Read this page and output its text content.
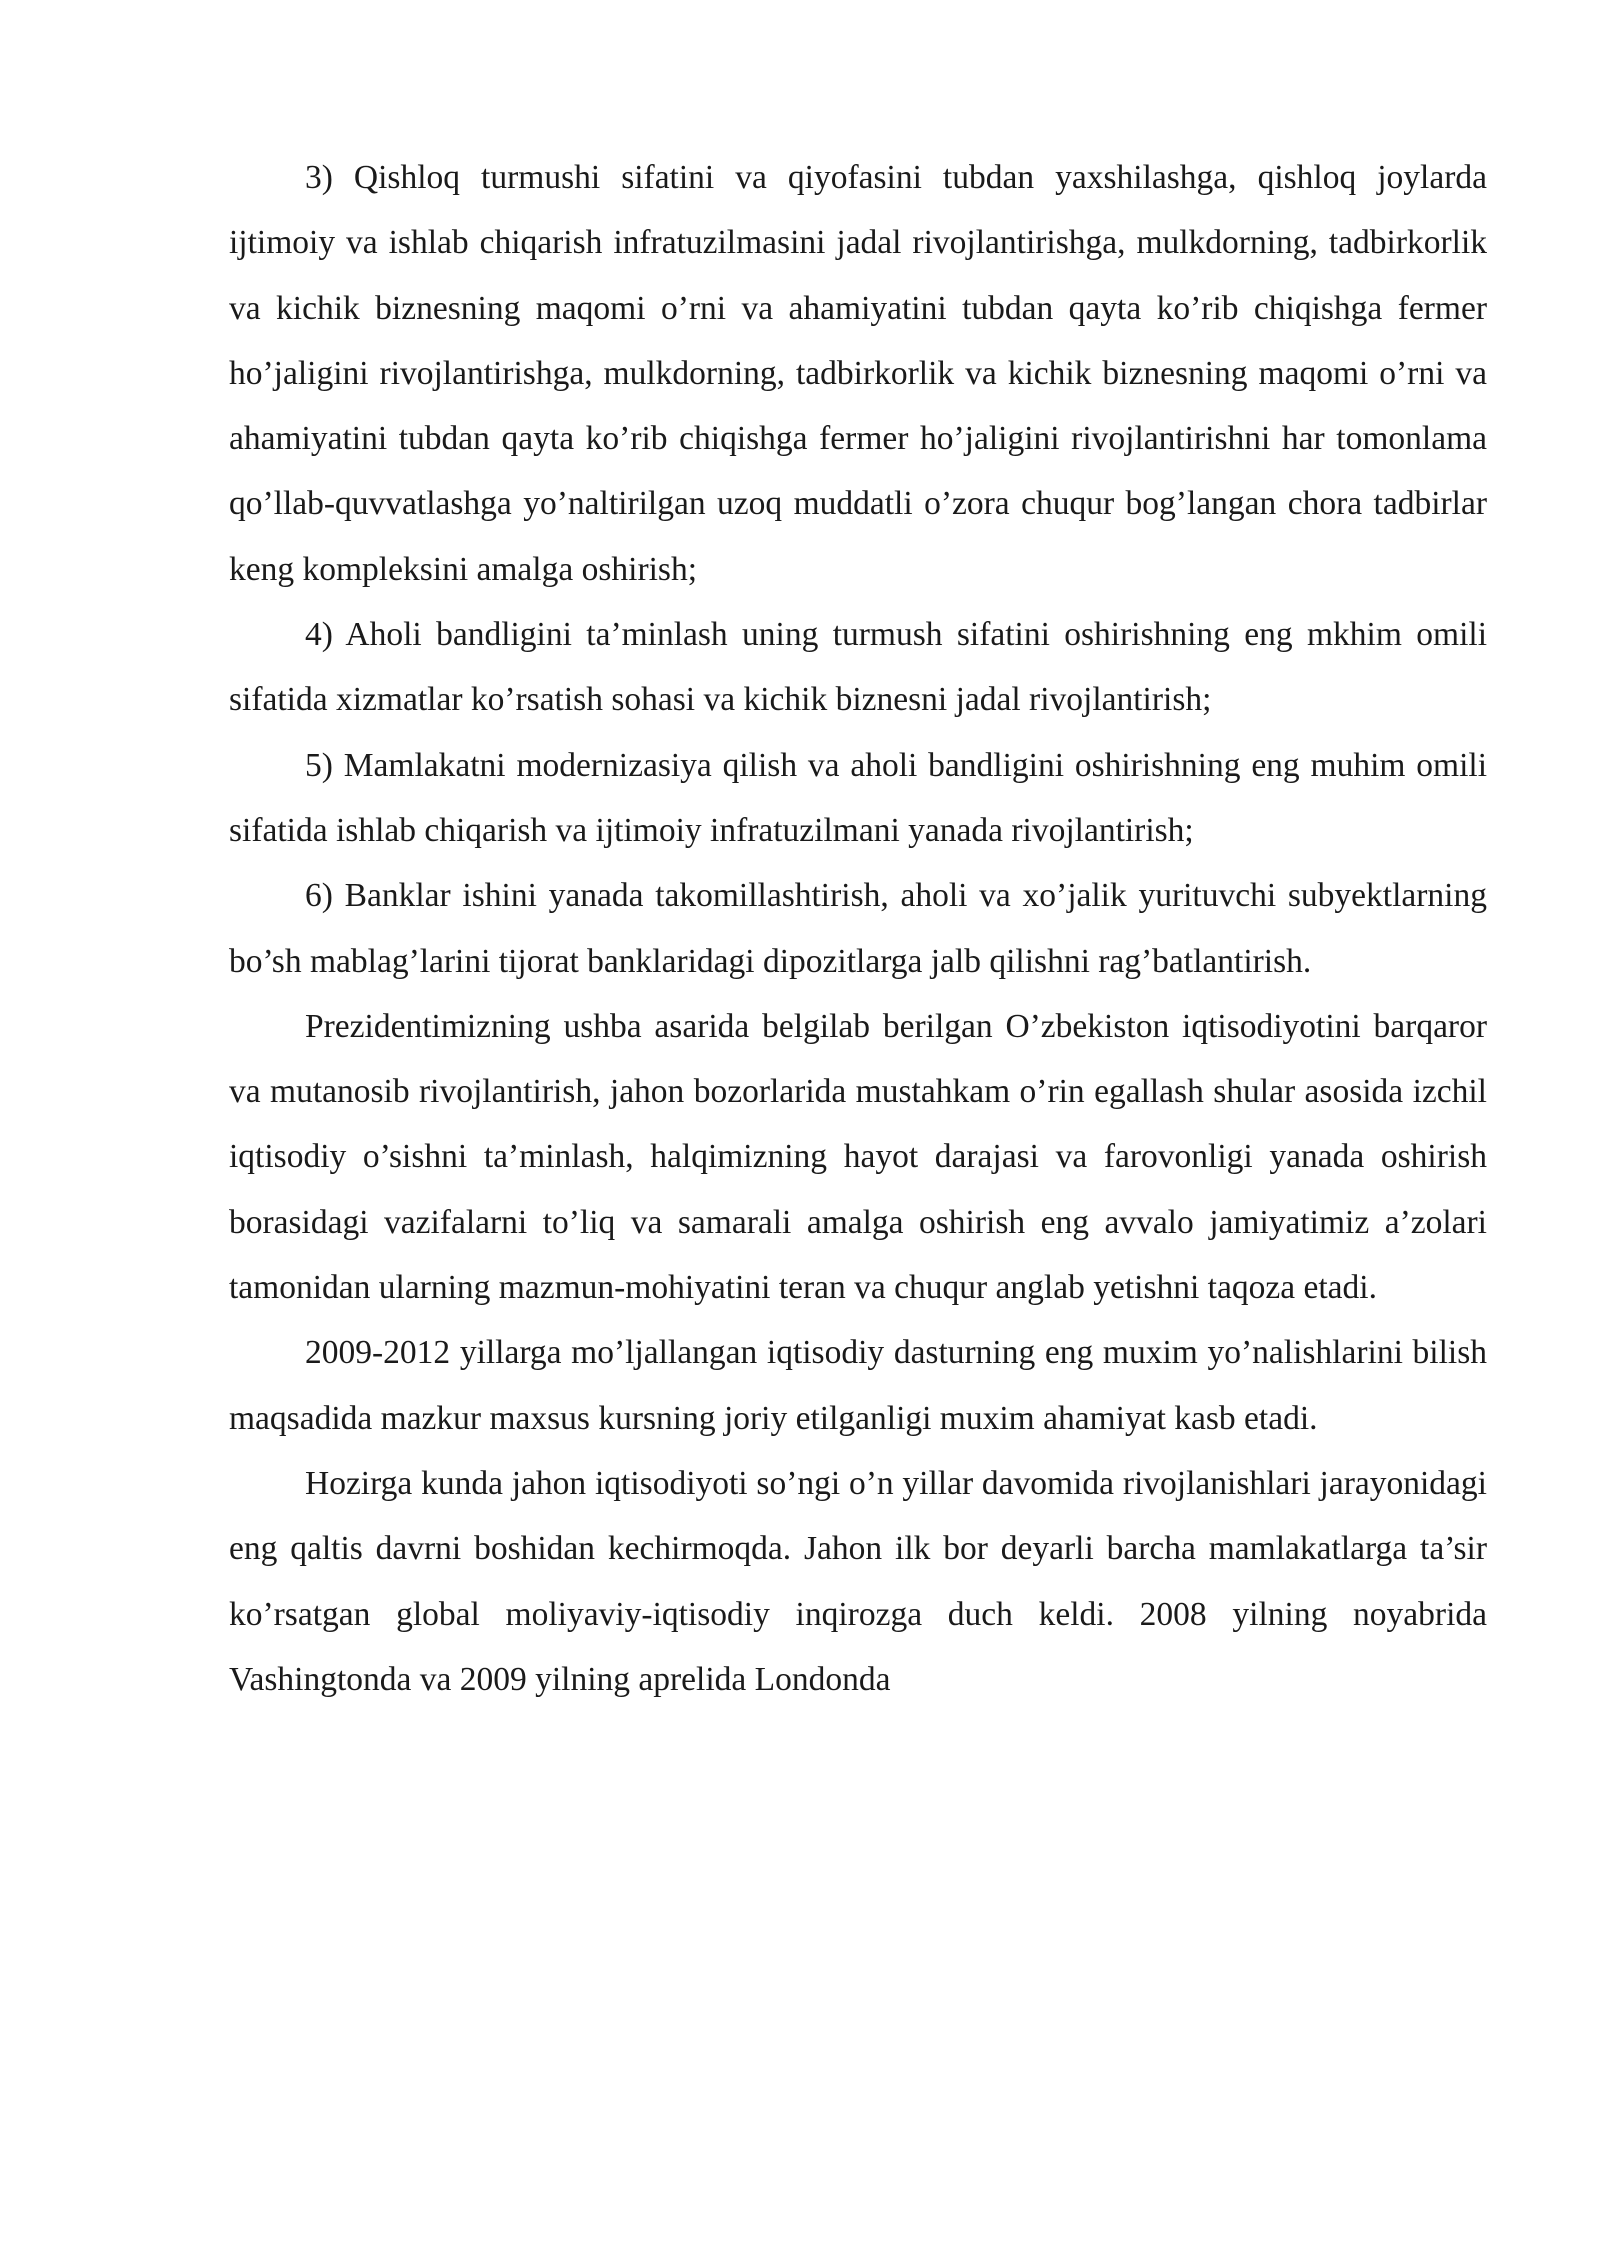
3) Qishloq turmushi sifatini va qiyofasini tubdan yaxshilashga, qishloq joylarda ijtimoiy va ishlab chiqarish infratuzilmasini jadal rivojlantirishga, mulkdorning, tadbirkorlik va kichik biznesning maqomi o’rni va ahamiyatini tubdan qayta ko’rib chiqishga fermer ho’jaligini rivojlantirishga, mulkdorning, tadbirkorlik va kichik biznesning maqomi o’rni va ahamiyatini tubdan qayta ko’rib chiqishga fermer ho’jaligini rivojlantirishni har tomonlama qo’llab-quvvatlashga yo’naltirilgan uzoq muddatli o’zora chuqur bog’langan chora tadbirlar keng kompleksini amalga oshirish;

4) Aholi bandligini ta’minlash uning turmush sifatini oshirishning eng mkhim omili sifatida xizmatlar ko’rsatish sohasi va kichik biznesni jadal rivojlantirish;

5) Mamlakatni modernizasiya qilish va aholi bandligini oshirishning eng muhim omili sifatida ishlab chiqarish va ijtimoiy infratuzilmani yanada rivojlantirish;

6) Banklar ishini yanada takomillashtirish, aholi va xo’jalik yurituvchi subyektlarning bo’sh mablag’larini tijorat banklaridagi dipozitlarga jalb qilishni rag’batlantirish.

Prezidentimizning ushba asarida belgilab berilgan O’zbekiston iqtisodiyotini barqaror va mutanosib rivojlantirish, jahon bozorlarida mustahkam o’rin egallash shular asosida izchil iqtisodiy o’sishni ta’minlash, halqimizning hayot darajasi va farovonligi yanada oshirish borasidagi vazifalarni to’liq va samarali amalga oshirish eng avvalo jamiyatimiz a’zolari tamonidan ularning mazmun-mohiyatini teran va chuqur anglab yetishni taqoza etadi.

2009-2012 yillarga mo’ljallangan iqtisodiy dasturning eng muxim yo’nalishlarini bilish maqsadida mazkur maxsus kursning joriy etilganligi muxim ahamiyat kasb etadi.

Hozirga kunda jahon iqtisodiyoti so’ngi o’n yillar davomida rivojlanishlari jarayonidagi eng qaltis davrni boshidan kechirmoqda. Jahon ilk bor deyarli barcha mamlakatlarga ta’sir ko’rsatgan global moliyaviy-iqtisodiy inqirozga duch keldi. 2008 yilning noyabrida Vashingtonda va 2009 yilning aprelida Londonda
